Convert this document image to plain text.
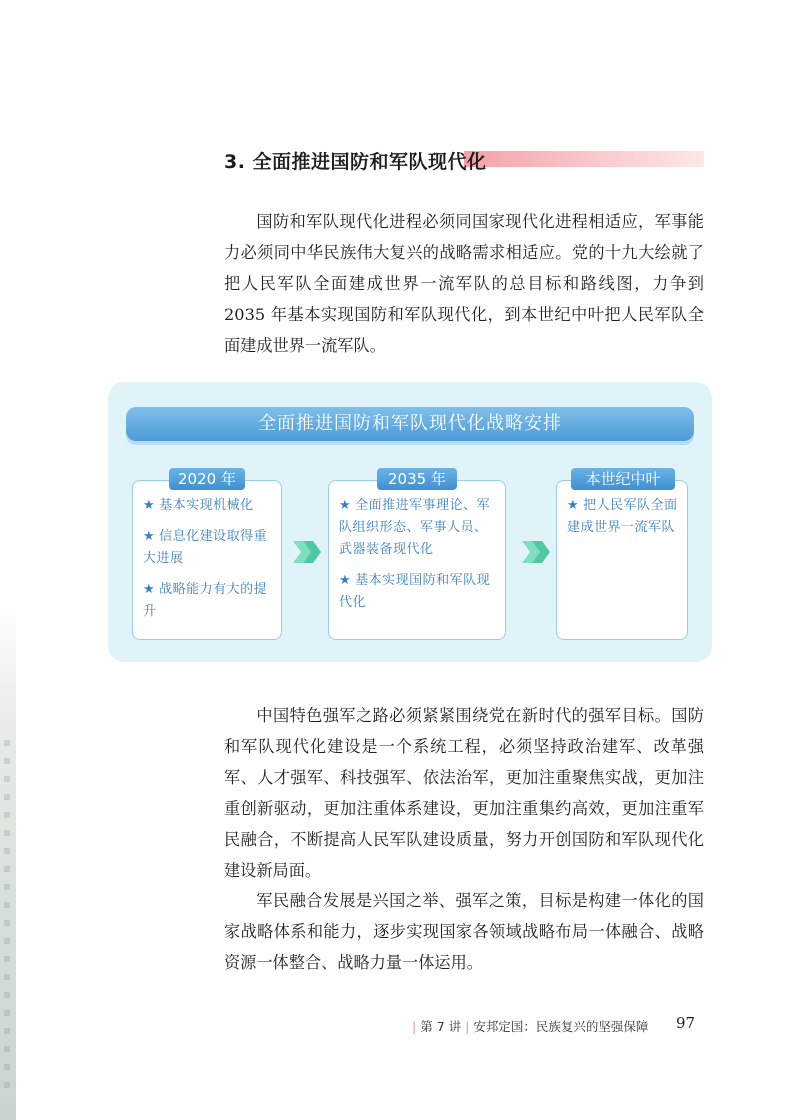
3. 全面推进国防和军队现代化

国防和军队现代化进程必须同国家现代化进程相适应，军事能力必须同中华民族伟大复兴的战略需求相适应。党的十九大绘就了把人民军队全面建成世界一流军队的总目标和路线图，力争到 2035 年基本实现国防和军队现代化，到本世纪中叶把人民军队全面建成世界一流军队。

全面推进国防和军队现代化战略安排
2020 年
★ 基本实现机械化
★ 信息化建设取得重大进展
★ 战略能力有大的提升
2035 年
★ 全面推进军事理论、军队组织形态、军事人员、武器装备现代化
★ 基本实现国防和军队现代化
本世纪中叶
★ 把人民军队全面建成世界一流军队

中国特色强军之路必须紧紧围绕党在新时代的强军目标。国防和军队现代化建设是一个系统工程，必须坚持政治建军、改革强军、人才强军、科技强军、依法治军，更加注重聚焦实战，更加注重创新驱动，更加注重体系建设，更加注重集约高效，更加注重军民融合，不断提高人民军队建设质量，努力开创国防和军队现代化建设新局面。

军民融合发展是兴国之举、强军之策，目标是构建一体化的国家战略体系和能力，逐步实现国家各领域战略布局一体融合、战略资源一体整合、战略力量一体运用。

| 第 7 讲 | 安邦定国：民族复兴的坚强保障	97
